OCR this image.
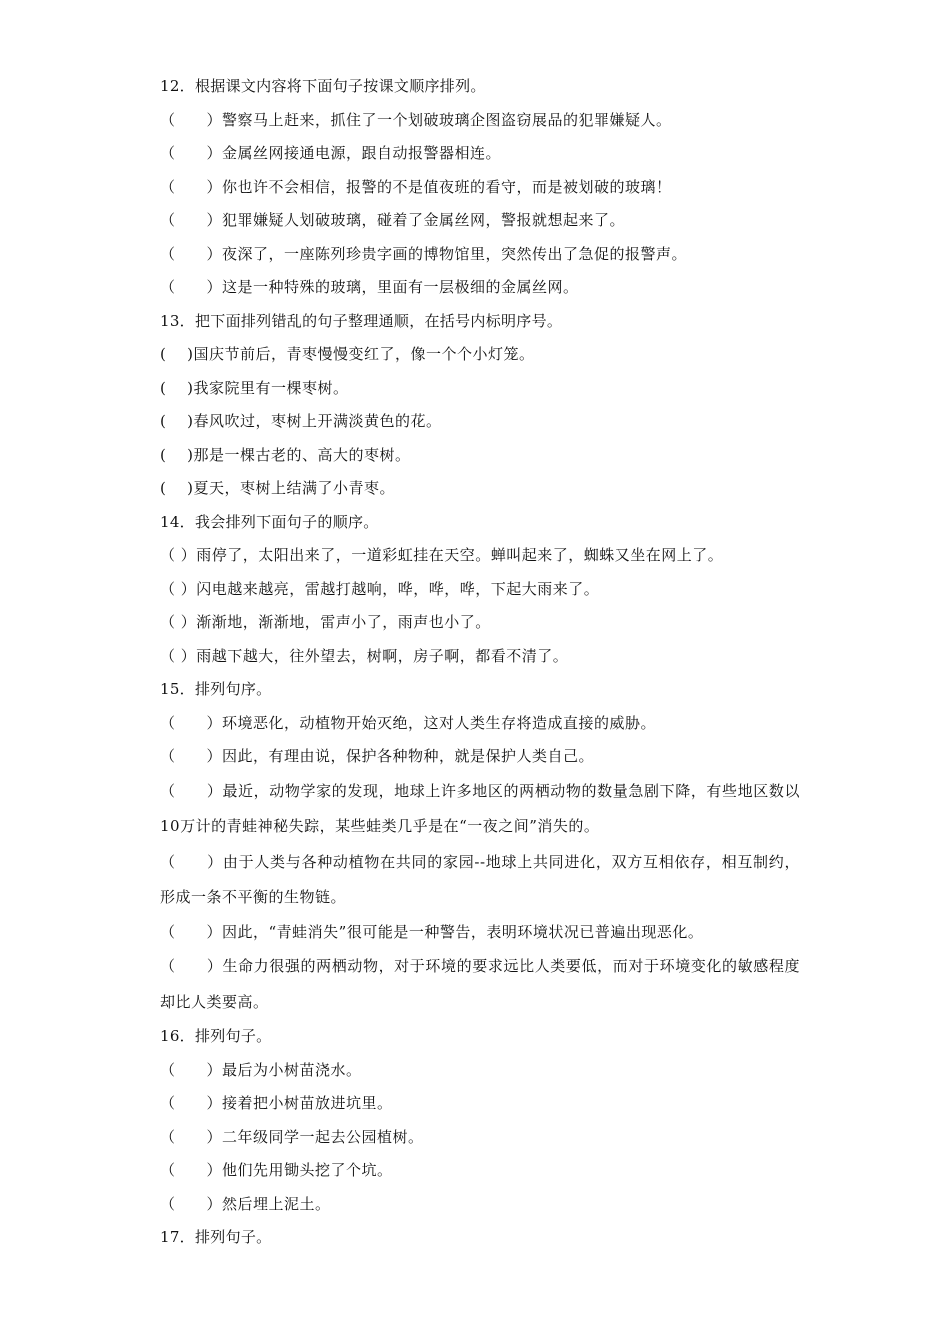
12．根据课文内容将下面句子按课文顺序排列。
（　　）警察马上赶来，抓住了一个划破玻璃企图盗窃展品的犯罪嫌疑人。
（　　）金属丝网接通电源，跟自动报警器相连。
（　　）你也许不会相信，报警的不是值夜班的看守，而是被划破的玻璃！
（　　）犯罪嫌疑人划破玻璃，碰着了金属丝网，警报就想起来了。
（　　）夜深了，一座陈列珍贵字画的博物馆里，突然传出了急促的报警声。
（　　）这是一种特殊的玻璃，里面有一层极细的金属丝网。
13．把下面排列错乱的句子整理通顺，在括号内标明序号。
(　 )国庆节前后，青枣慢慢变红了，像一个个小灯笼。
(　 )我家院里有一棵枣树。
(　 )春风吹过，枣树上开满淡黄色的花。
(　 )那是一棵古老的、高大的枣树。
(　 )夏天，枣树上结满了小青枣。
14．我会排列下面句子的顺序。
（ ）雨停了，太阳出来了，一道彩虹挂在天空。蝉叫起来了，蜘蛛又坐在网上了。
（ ）闪电越来越亮，雷越打越响，哗，哗，哗，下起大雨来了。
（ ）渐渐地，渐渐地，雷声小了，雨声也小了。
（ ）雨越下越大，往外望去，树啊，房子啊，都看不清了。
15．排列句序。
（　　）环境恶化，动植物开始灭绝，这对人类生存将造成直接的威胁。
（　　）因此，有理由说，保护各种物种，就是保护人类自己。
（　　）最近，动物学家的发现，地球上许多地区的两栖动物的数量急剧下降，有些地区数以10万计的青蛙神秘失踪，某些蛙类几乎是在“一夜之间”消失的。
（　　）由于人类与各种动植物在共同的家园--地球上共同进化，双方互相依存，相互制约，形成一条不平衡的生物链。
（　　）因此，“青蛙消失”很可能是一种警告，表明环境状况已普遍出现恶化。
（　　）生命力很强的两栖动物，对于环境的要求远比人类要低，而对于环境变化的敏感程度却比人类要高。
16．排列句子。
（　　）最后为小树苗浇水。
（　　）接着把小树苗放进坑里。
（　　）二年级同学一起去公园植树。
（　　）他们先用锄头挖了个坑。
（　　）然后埋上泥土。
17．排列句子。
